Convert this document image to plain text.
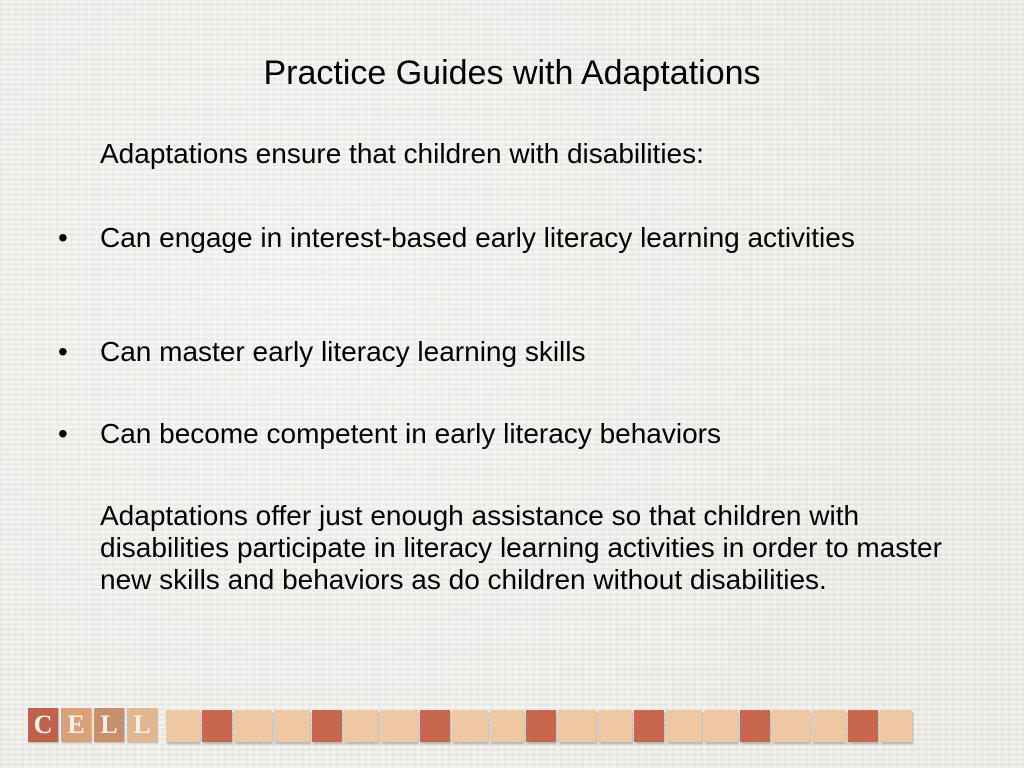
Practice Guides with Adaptations

Adaptations ensure that children with disabilities:

• Can engage in interest-based early literacy learning activities
• Can master early literacy learning skills
• Can become competent in early literacy behaviors

Adaptations offer just enough assistance so that children with disabilities participate in literacy learning activities in order to master new skills and behaviors as do children without disabilities.

C E L L
